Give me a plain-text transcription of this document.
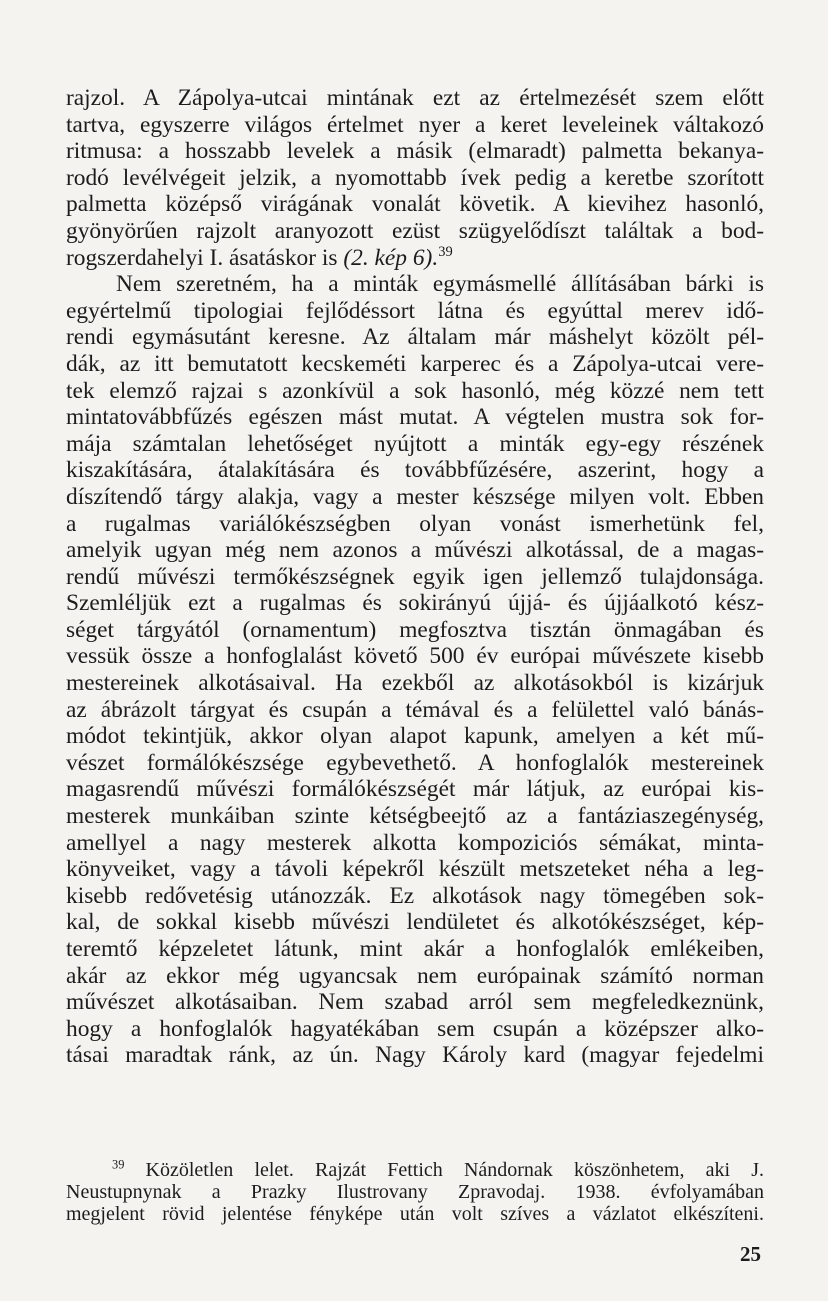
rajzol. A Zápolya-utcai mintának ezt az értelmezését szem előtt
tartva, egyszerre világos értelmet nyer a keret leveleinek váltakozó
ritmusa: a hosszabb levelek a másik (elmaradt) palmetta bekanya-
rodó levélvégeit jelzik, a nyomottabb ívek pedig a keretbe szorított
palmetta középső virágának vonalát követik. A kievihez hasonló,
gyönyörűen rajzolt aranyozott ezüst szügyelődíszt találtak a bod-
rogszerdahelyi I. ásatáskor is (2. kép 6).$^{39}$

Nem szeretném, ha a minták egymásmellé állításában bárki is
egyértelmű tipologiai fejlődéssort látna és egyúttal merev idő-
rendi egymásutánt keresne. Az általam már máshelyt közölt pél-
dák, az itt bemutatott kecskeméti karperec és a Zápolya-utcai vere-
tek elemző rajzai s azonkívül a sok hasonló, még közzé nem tett
mintatovábbfűzés egészen mást mutat. A végtelen mustra sok for-
mája számtalan lehetőséget nyújtott a minták egy-egy részének
kiszakítására, átalakítására és továbbfűzésére, aszerint, hogy a
díszítendő tárgy alakja, vagy a mester készsége milyen volt. Ebben
a rugalmas variálókészségben olyan vonást ismerhetünk fel,
amelyik ugyan még nem azonos a művészi alkotással, de a magas-
rendű művészi termőkészségnek egyik igen jellemző tulajdonsága.
Szemléljük ezt a rugalmas és sokirányú újjá- és újjáalkotó kész-
séget tárgyától (ornamentum) megfosztva tisztán önmagában és
vessük össze a honfoglalást követő 500 év európai művészete kisebb
mestereinek alkotásaival. Ha ezekből az alkotásokból is kizárjuk
az ábrázolt tárgyat és csupán a témával és a felülettel való bánás-
módot tekintjük, akkor olyan alapot kapunk, amelyen a két mű-
vészet formálókészsége egybevethető. A honfoglalók mestereinek
magasrendű művészi formálókészségét már látjuk, az európai kis-
mesterek munkáiban szinte kétségbeejtő az a fantáziaszegénység,
amellyel a nagy mesterek alkotta kompoziciós sémákat, minta-
könyveiket, vagy a távoli képekről készült metszeteket néha a leg-
kisebb redővetésig utánozzák. Ez alkotások nagy tömegében sok-
kal, de sokkal kisebb művészi lendületet és alkotókészséget, kép-
teremtő képzeletet látunk, mint akár a honfoglalók emlékeiben,
akár az ekkor még ugyancsak nem európainak számító norman
művészet alkotásaiban. Nem szabad arról sem megfeledkeznünk,
hogy a honfoglalók hagyatékában sem csupán a középszer alko-
tásai maradtak ránk, az ún. Nagy Károly kard (magyar fejedelmi

$^{39}$ Közöletlen lelet. Rajzát Fettich Nándornak köszönhetem, aki J.
Neustupnynak a Prazky Ilustrovany Zpravodaj. 1938. évfolyamában
megjelent rövid jelentése fényképe után volt szíves a vázlatot elkészíteni.
25
